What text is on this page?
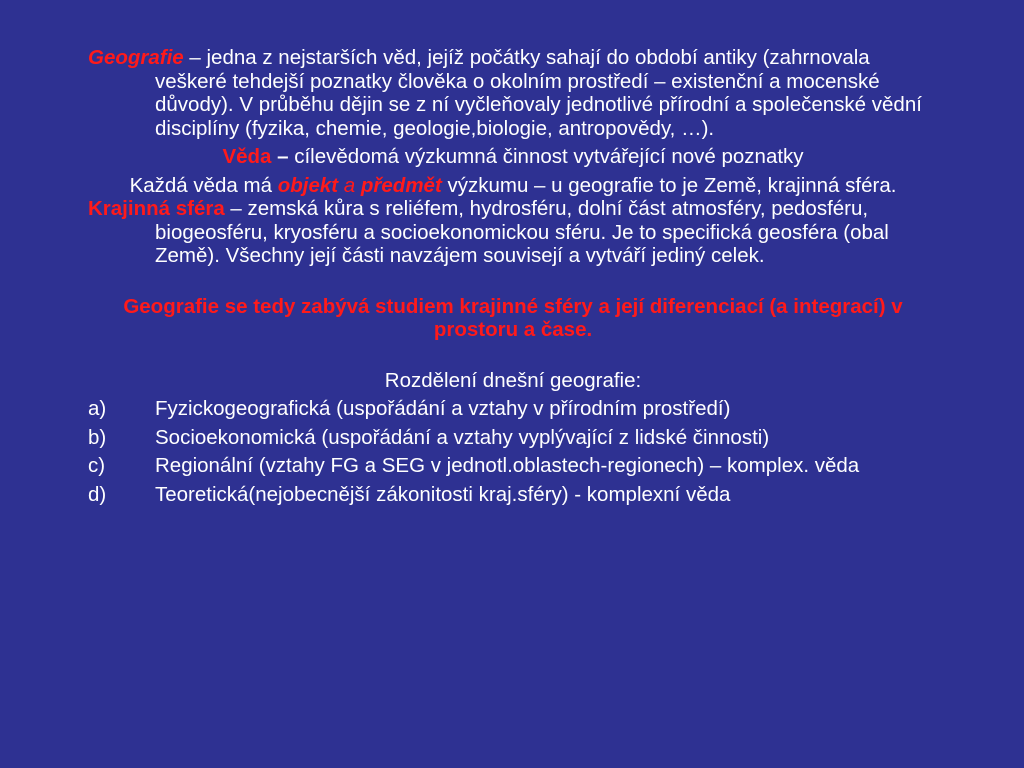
Geografie – jedna z nejstarších věd, jejíž počátky sahají do období antiky (zahrnovala veškeré tehdejší poznatky člověka o okolním prostředí – existenční a mocenské důvody). V průběhu dějin se z ní vyčleňovaly jednotlivé přírodní a společenské vědní disciplíny (fyzika, chemie, geologie,biologie, antropovědy, …).

Věda – cílevědomá výzkumná činnost vytvářející nové poznatky

Každá věda má objekt a předmět výzkumu – u geografie to je Země, krajinná sféra.

Krajinná sféra – zemská kůra s reliéfem, hydrosféru, dolní část atmosféry, pedosféru, biogeosféru, kryosféru a socioekonomickou sféru. Je to specifická geosféra (obal Země). Všechny její části navzájem souvisejí a vytváří jediný celek.

Geografie se tedy zabývá studiem krajinné sféry a její diferenciací (a integrací) v prostoru a čase.

Rozdělení dnešní geografie:

a)	Fyzickogeografická (uspořádání a vztahy v přírodním prostředí)
b)	Socioekonomická (uspořádání a vztahy vyplývající z lidské činnosti)
c)	Regionální (vztahy FG a SEG v jednotl.oblastech-regionech) – komplex. věda
d)	Teoretická(nejobecnější zákonitosti kraj.sféry) - komplexní věda
